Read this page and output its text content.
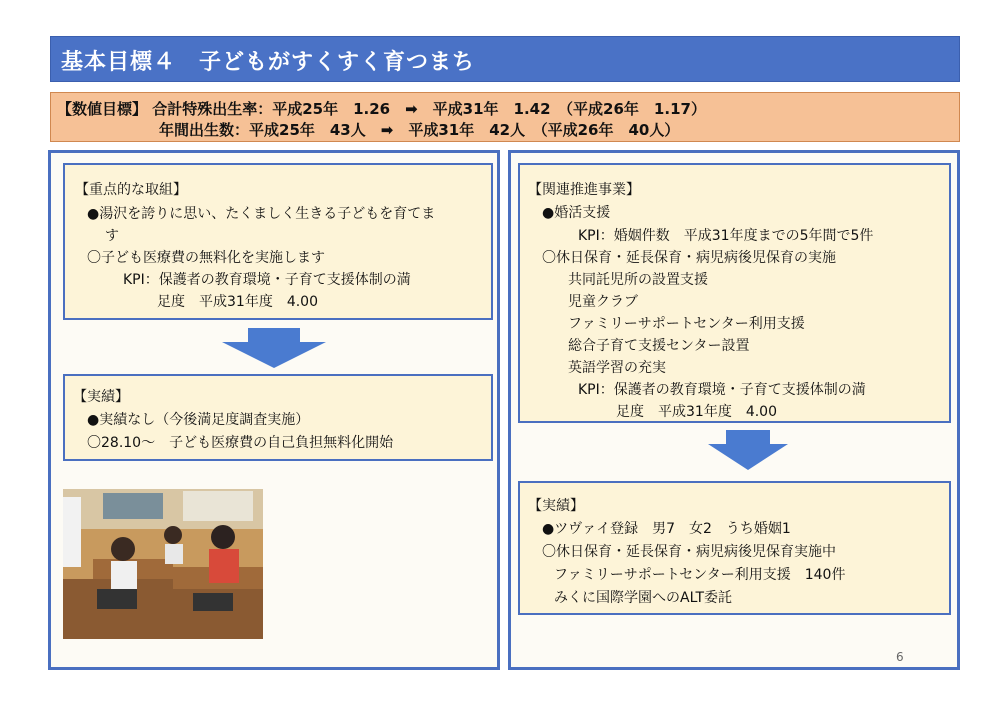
基本目標４　子どもがすくすく育つまち
【数値目標】 合計特殊出生率：平成25年　1.26　➡　平成31年　1.42　（平成26年　1.17）
年間出生数：平成25年　43人　➡　平成31年　42人　（平成26年　40人）
【重点的な取組】
●湯沢を誇りに思い、たくましく生きる子どもを育てま
す
〇子ども医療費の無料化を実施します
KPI：保護者の教育環境・子育て支援体制の満
足度　平成31年度　4.00
【実績】
●実績なし（今後満足度調査実施）
〇28.10～　子ども医療費の自己負担無料化開始
【関連推進事業】
●婚活支援
KPI：婚姻件数　平成31年度までの5年間で5件
〇休日保育・延長保育・病児病後児保育の実施
共同託児所の設置支援
児童クラブ
ファミリーサポートセンター利用支援
総合子育て支援センター設置
英語学習の充実
KPI：保護者の教育環境・子育て支援体制の満
足度　平成31年度　4.00
【実績】
●ツヴァイ登録　男7　女2　うち婚姻1
〇休日保育・延長保育・病児病後児保育実施中
ファミリーサポートセンター利用支援　140件
みくに国際学園へのALT委託
6
